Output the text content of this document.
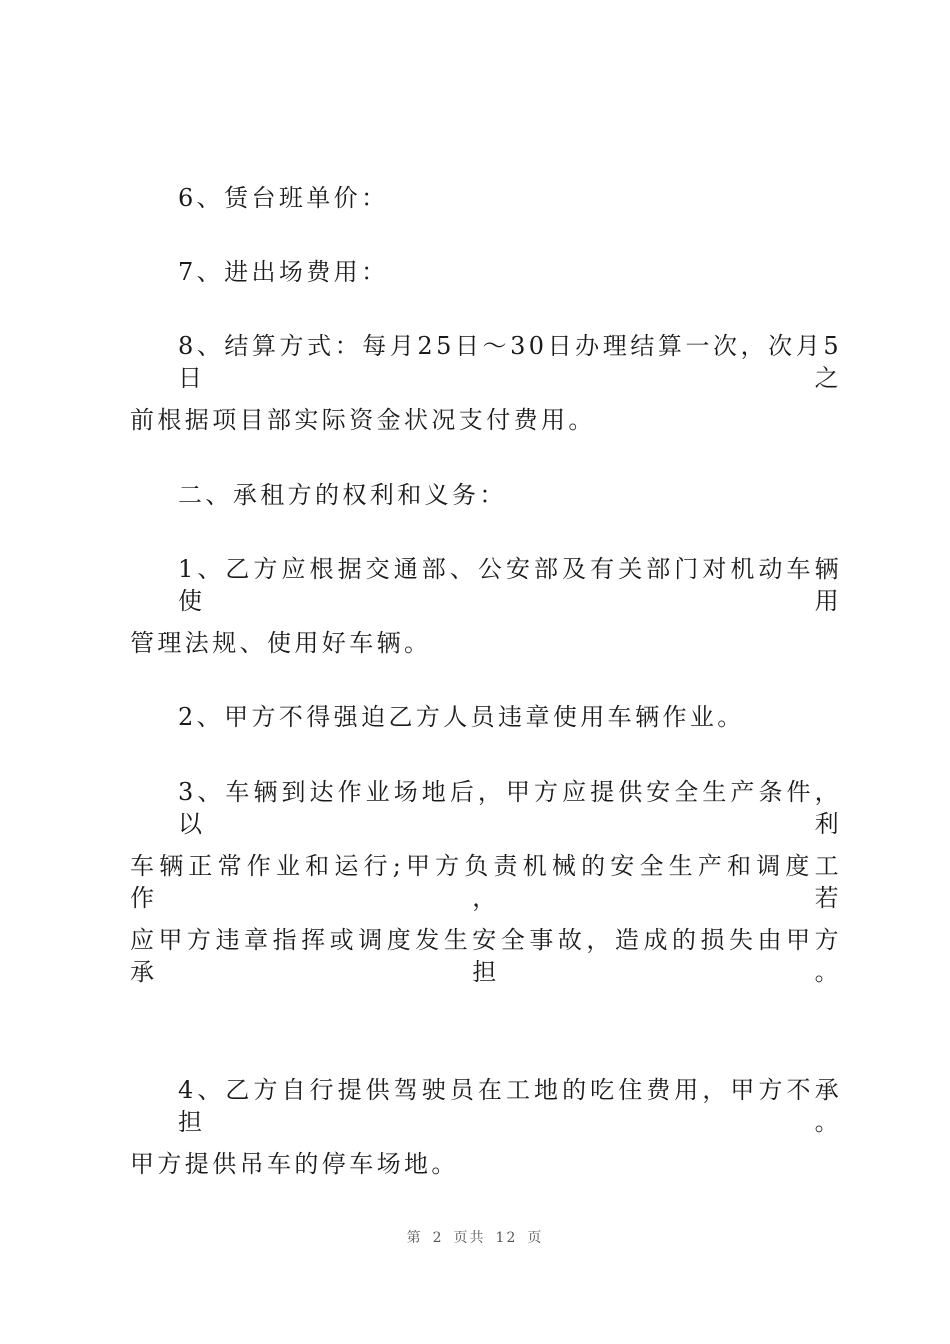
6、赁台班单价：

7、进出场费用：

8、结算方式：每月25日～30日办理结算一次，次月5日之

前根据项目部实际资金状况支付费用。

二、承租方的权利和义务：

1、乙方应根据交通部、公安部及有关部门对机动车辆使用

管理法规、使用好车辆。

2、甲方不得强迫乙方人员违章使用车辆作业。

3、车辆到达作业场地后，甲方应提供安全生产条件，以利

车辆正常作业和运行;甲方负责机械的安全生产和调度工作，若

应甲方违章指挥或调度发生安全事故，造成的损失由甲方承担。

4、乙方自行提供驾驶员在工地的吃住费用，甲方不承担。

甲方提供吊车的停车场地。

第 2 页共 12 页
